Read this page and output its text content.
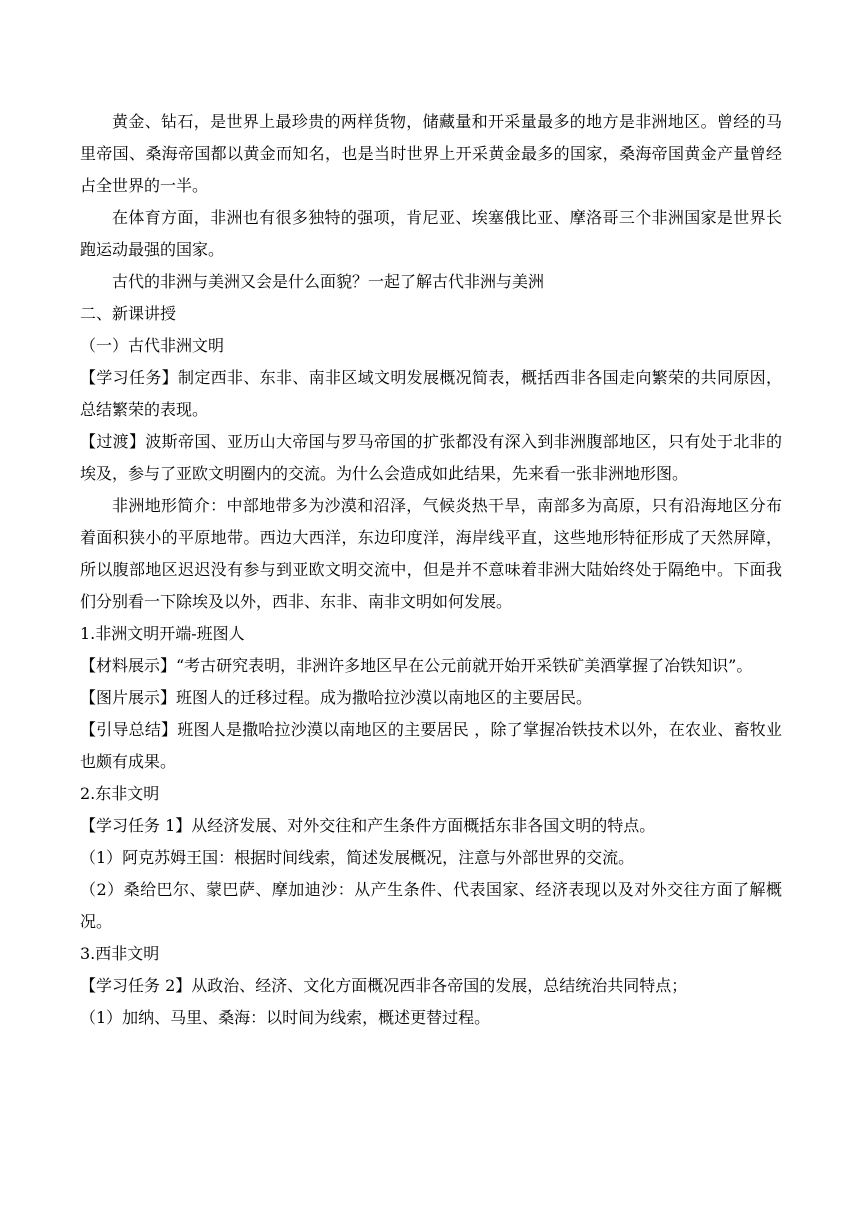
黄金、钻石，是世界上最珍贵的两样货物，储藏量和开采量最多的地方是非洲地区。曾经的马里帝国、桑海帝国都以黄金而知名，也是当时世界上开采黄金最多的国家，桑海帝国黄金产量曾经占全世界的一半。

在体育方面，非洲也有很多独特的强项，肯尼亚、埃塞俄比亚、摩洛哥三个非洲国家是世界长跑运动最强的国家。

古代的非洲与美洲又会是什么面貌？一起了解古代非洲与美洲

二、新课讲授

（一）古代非洲文明

【学习任务】制定西非、东非、南非区域文明发展概况简表，概括西非各国走向繁荣的共同原因，总结繁荣的表现。

【过渡】波斯帝国、亚历山大帝国与罗马帝国的扩张都没有深入到非洲腹部地区，只有处于北非的埃及，参与了亚欧文明圈内的交流。为什么会造成如此结果，先来看一张非洲地形图。

非洲地形简介：中部地带多为沙漠和沼泽，气候炎热干旱，南部多为高原，只有沿海地区分布着面积狭小的平原地带。西边大西洋，东边印度洋，海岸线平直，这些地形特征形成了天然屏障，所以腹部地区迟迟没有参与到亚欧文明交流中，但是并不意味着非洲大陆始终处于隔绝中。下面我们分别看一下除埃及以外，西非、东非、南非文明如何发展。

1.非洲文明开端-班图人

【材料展示】“考古研究表明，非洲许多地区早在公元前就开始开采铁矿美酒掌握了冶铁知识”。

【图片展示】班图人的迁移过程。成为撒哈拉沙漠以南地区的主要居民。

【引导总结】班图人是撒哈拉沙漠以南地区的主要居民 ，除了掌握冶铁技术以外，在农业、畜牧业也颇有成果。

2.东非文明

【学习任务 1】从经济发展、对外交往和产生条件方面概括东非各国文明的特点。

（1）阿克苏姆王国：根据时间线索，简述发展概况，注意与外部世界的交流。

（2）桑给巴尔、蒙巴萨、摩加迪沙：从产生条件、代表国家、经济表现以及对外交往方面了解概况。

3.西非文明

【学习任务 2】从政治、经济、文化方面概况西非各帝国的发展，总结统治共同特点；

（1）加纳、马里、桑海：以时间为线索，概述更替过程。
